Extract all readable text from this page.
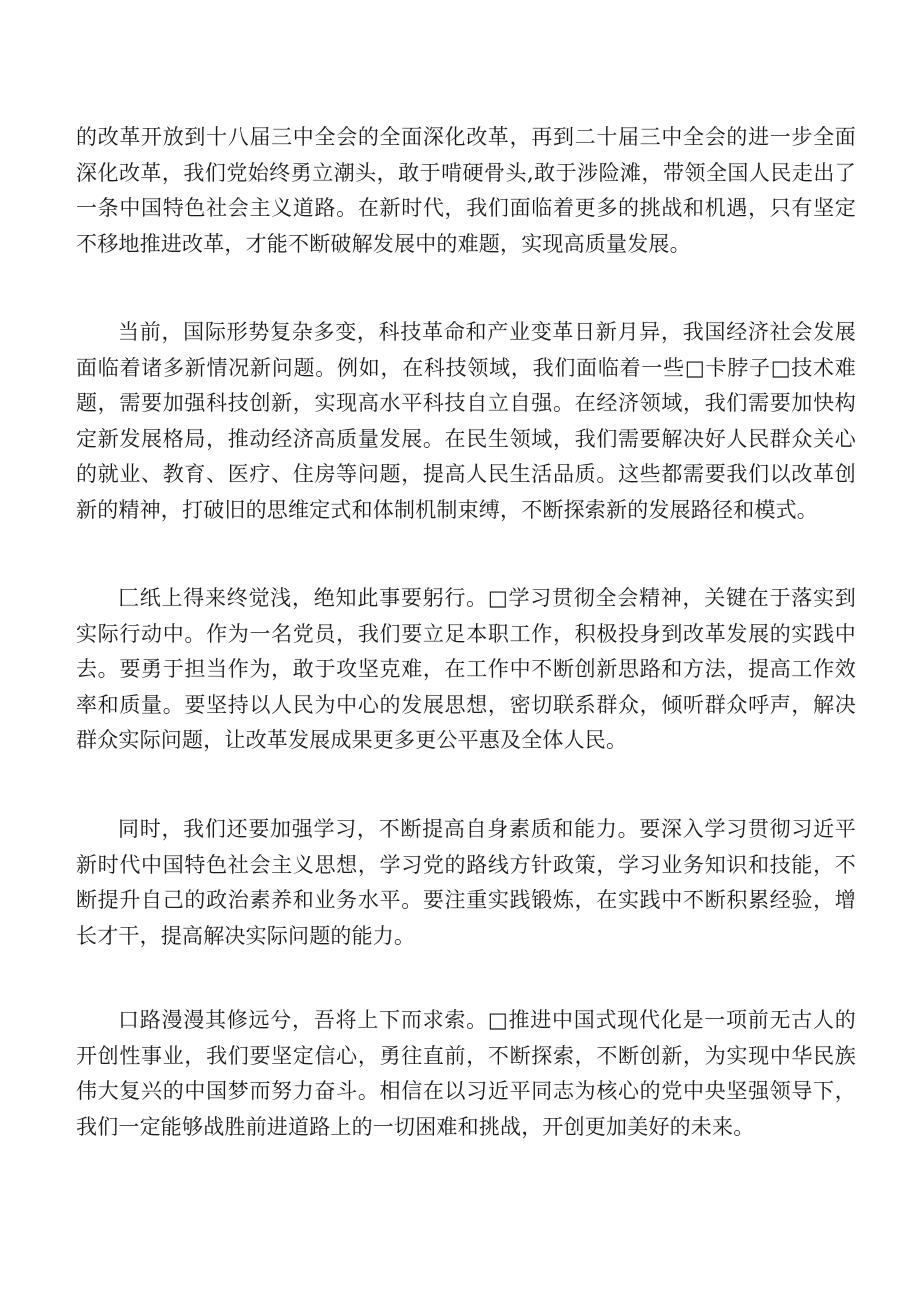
的改革开放到十八届三中全会的全面深化改革，再到二十届三中全会的进一步全面深化改革，我们党始终勇立潮头，敢于啃硬骨头,敢于涉险滩，带领全国人民走出了一条中国特色社会主义道路。在新时代，我们面临着更多的挑战和机遇，只有坚定不移地推进改革，才能不断破解发展中的难题，实现高质量发展。

当前，国际形势复杂多变，科技革命和产业变革日新月异，我国经济社会发展面临着诸多新情况新问题。例如，在科技领域，我们面临着一些□卡脖子□技术难题，需要加强科技创新，实现高水平科技自立自强。在经济领域，我们需要加快构定新发展格局，推动经济高质量发展。在民生领域，我们需要解决好人民群众关心的就业、教育、医疗、住房等问题，提高人民生活品质。这些都需要我们以改革创新的精神，打破旧的思维定式和体制机制束缚，不断探索新的发展路径和模式。

匚纸上得来终觉浅，绝知此事要躬行。□学习贯彻全会精神，关键在于落实到实际行动中。作为一名党员，我们要立足本职工作，积极投身到改革发展的实践中去。要勇于担当作为，敢于攻坚克难，在工作中不断创新思路和方法，提高工作效率和质量。要坚持以人民为中心的发展思想，密切联系群众，倾听群众呼声，解决群众实际问题，让改革发展成果更多更公平惠及全体人民。

同时，我们还要加强学习，不断提高自身素质和能力。要深入学习贯彻习近平新时代中国特色社会主义思想，学习党的路线方针政策，学习业务知识和技能，不断提升自己的政治素养和业务水平。要注重实践锻炼，在实践中不断积累经验，增长才干，提高解决实际问题的能力。

口路漫漫其修远兮，吾将上下而求索。□推进中国式现代化是一项前无古人的开创性事业，我们要坚定信心，勇往直前，不断探索，不断创新，为实现中华民族伟大复兴的中国梦而努力奋斗。相信在以习近平同志为核心的党中央坚强领导下，我们一定能够战胜前进道路上的一切困难和挑战，开创更加美好的未来。
